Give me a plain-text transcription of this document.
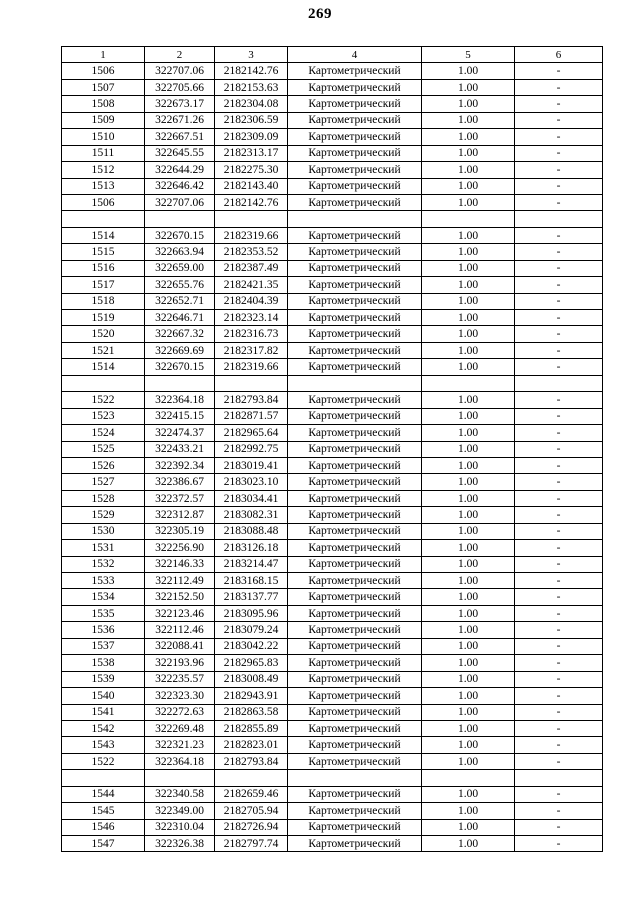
269
1	2	3	4	5	6
1506	322707.06	2182142.76	Картометрический	1.00	-
1507	322705.66	2182153.63	Картометрический	1.00	-
1508	322673.17	2182304.08	Картометрический	1.00	-
1509	322671.26	2182306.59	Картометрический	1.00	-
1510	322667.51	2182309.09	Картометрический	1.00	-
1511	322645.55	2182313.17	Картометрический	1.00	-
1512	322644.29	2182275.30	Картометрический	1.00	-
1513	322646.42	2182143.40	Картометрический	1.00	-
1506	322707.06	2182142.76	Картометрический	1.00	-

1514	322670.15	2182319.66	Картометрический	1.00	-
1515	322663.94	2182353.52	Картометрический	1.00	-
1516	322659.00	2182387.49	Картометрический	1.00	-
1517	322655.76	2182421.35	Картометрический	1.00	-
1518	322652.71	2182404.39	Картометрический	1.00	-
1519	322646.71	2182323.14	Картометрический	1.00	-
1520	322667.32	2182316.73	Картометрический	1.00	-
1521	322669.69	2182317.82	Картометрический	1.00	-
1514	322670.15	2182319.66	Картометрический	1.00	-

1522	322364.18	2182793.84	Картометрический	1.00	-
1523	322415.15	2182871.57	Картометрический	1.00	-
1524	322474.37	2182965.64	Картометрический	1.00	-
1525	322433.21	2182992.75	Картометрический	1.00	-
1526	322392.34	2183019.41	Картометрический	1.00	-
1527	322386.67	2183023.10	Картометрический	1.00	-
1528	322372.57	2183034.41	Картометрический	1.00	-
1529	322312.87	2183082.31	Картометрический	1.00	-
1530	322305.19	2183088.48	Картометрический	1.00	-
1531	322256.90	2183126.18	Картометрический	1.00	-
1532	322146.33	2183214.47	Картометрический	1.00	-
1533	322112.49	2183168.15	Картометрический	1.00	-
1534	322152.50	2183137.77	Картометрический	1.00	-
1535	322123.46	2183095.96	Картометрический	1.00	-
1536	322112.46	2183079.24	Картометрический	1.00	-
1537	322088.41	2183042.22	Картометрический	1.00	-
1538	322193.96	2182965.83	Картометрический	1.00	-
1539	322235.57	2183008.49	Картометрический	1.00	-
1540	322323.30	2182943.91	Картометрический	1.00	-
1541	322272.63	2182863.58	Картометрический	1.00	-
1542	322269.48	2182855.89	Картометрический	1.00	-
1543	322321.23	2182823.01	Картометрический	1.00	-
1522	322364.18	2182793.84	Картометрический	1.00	-

1544	322340.58	2182659.46	Картометрический	1.00	-
1545	322349.00	2182705.94	Картометрический	1.00	-
1546	322310.04	2182726.94	Картометрический	1.00	-
1547	322326.38	2182797.74	Картометрический	1.00	-
